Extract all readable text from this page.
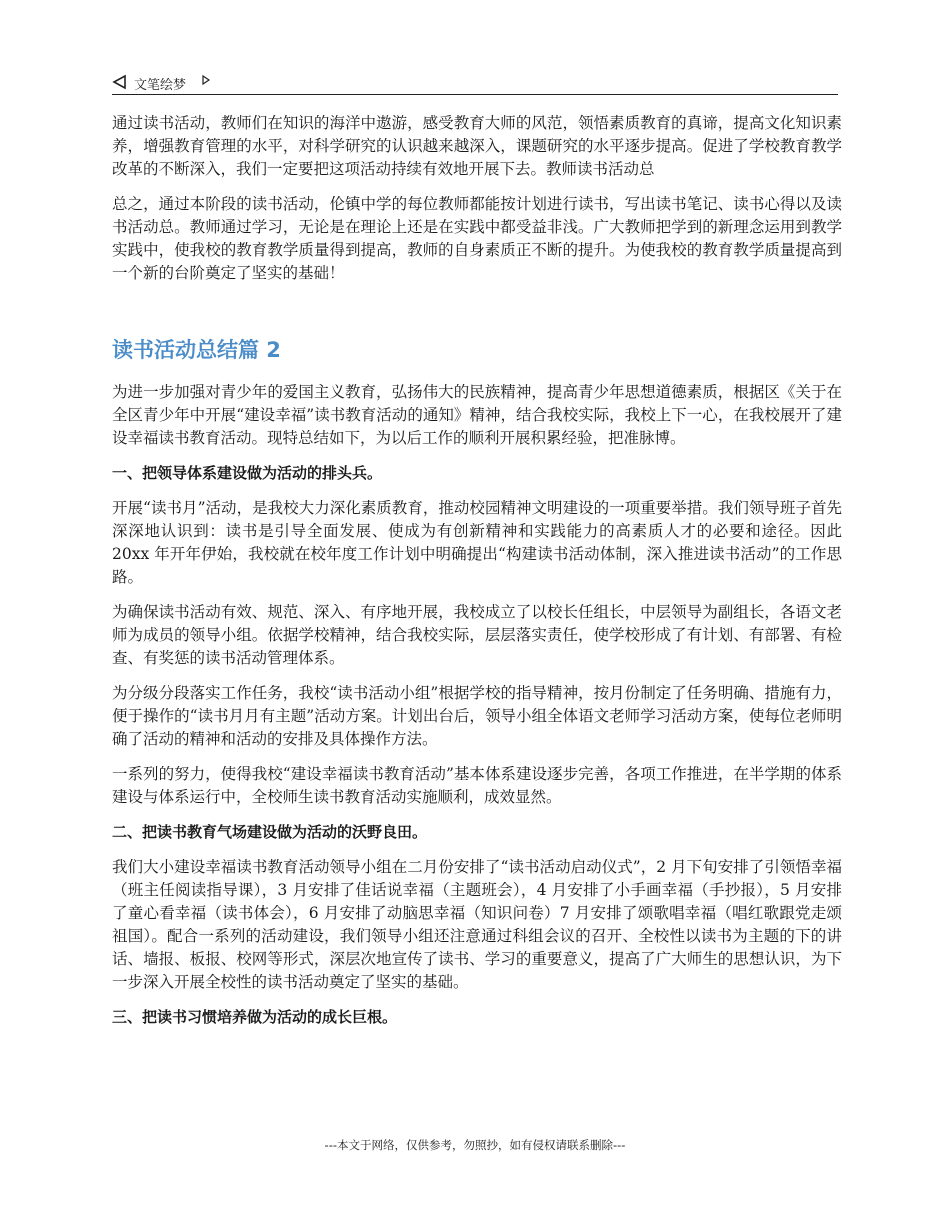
文笔绘梦

通过读书活动，教师们在知识的海洋中遨游，感受教育大师的风范，领悟素质教育的真谛，提高文化知识素养，增强教育管理的水平，对科学研究的认识越来越深入，课题研究的水平逐步提高。促进了学校教育教学改革的不断深入，我们一定要把这项活动持续有效地开展下去。教师读书活动总

总之，通过本阶段的读书活动，伦镇中学的每位教师都能按计划进行读书，写出读书笔记、读书心得以及读书活动总。教师通过学习，无论是在理论上还是在实践中都受益非浅。广大教师把学到的新理念运用到教学实践中，使我校的教育教学质量得到提高，教师的自身素质正不断的提升。为使我校的教育教学质量提高到一个新的台阶奠定了坚实的基础！

读书活动总结篇 2

为进一步加强对青少年的爱国主义教育，弘扬伟大的民族精神，提高青少年思想道德素质，根据区《关于在全区青少年中开展“建设幸福”读书教育活动的通知》精神，结合我校实际，我校上下一心，在我校展开了建设幸福读书教育活动。现特总结如下，为以后工作的顺利开展积累经验，把准脉博。

一、把领导体系建设做为活动的排头兵。

开展“读书月”活动，是我校大力深化素质教育，推动校园精神文明建设的一项重要举措。我们领导班子首先深深地认识到：读书是引导全面发展、使成为有创新精神和实践能力的高素质人才的必要和途径。因此 20xx 年开年伊始，我校就在校年度工作计划中明确提出“构建读书活动体制，深入推进读书活动”的工作思路。

为确保读书活动有效、规范、深入、有序地开展，我校成立了以校长任组长，中层领导为副组长，各语文老师为成员的领导小组。依据学校精神，结合我校实际，层层落实责任，使学校形成了有计划、有部署、有检查、有奖惩的读书活动管理体系。

为分级分段落实工作任务，我校“读书活动小组”根据学校的指导精神，按月份制定了任务明确、措施有力，便于操作的“读书月月有主题”活动方案。计划出台后，领导小组全体语文老师学习活动方案，使每位老师明确了活动的精神和活动的安排及具体操作方法。

一系列的努力，使得我校“建设幸福读书教育活动”基本体系建设逐步完善，各项工作推进，在半学期的体系建设与体系运行中，全校师生读书教育活动实施顺利，成效显然。

二、把读书教育气场建设做为活动的沃野良田。

我们大小建设幸福读书教育活动领导小组在二月份安排了“读书活动启动仪式”，2 月下旬安排了引领悟幸福（班主任阅读指导课），3 月安排了佳话说幸福（主题班会），4 月安排了小手画幸福（手抄报），5 月安排了童心看幸福（读书体会），6 月安排了动脑思幸福（知识问卷）7 月安排了颂歌唱幸福（唱红歌跟党走颂祖国）。配合一系列的活动建设，我们领导小组还注意通过科组会议的召开、全校性以读书为主题的下的讲话、墙报、板报、校网等形式，深层次地宣传了读书、学习的重要意义，提高了广大师生的思想认识，为下一步深入开展全校性的读书活动奠定了坚实的基础。

三、把读书习惯培养做为活动的成长巨根。
---本文于网络，仅供参考，勿照抄，如有侵权请联系删除---
